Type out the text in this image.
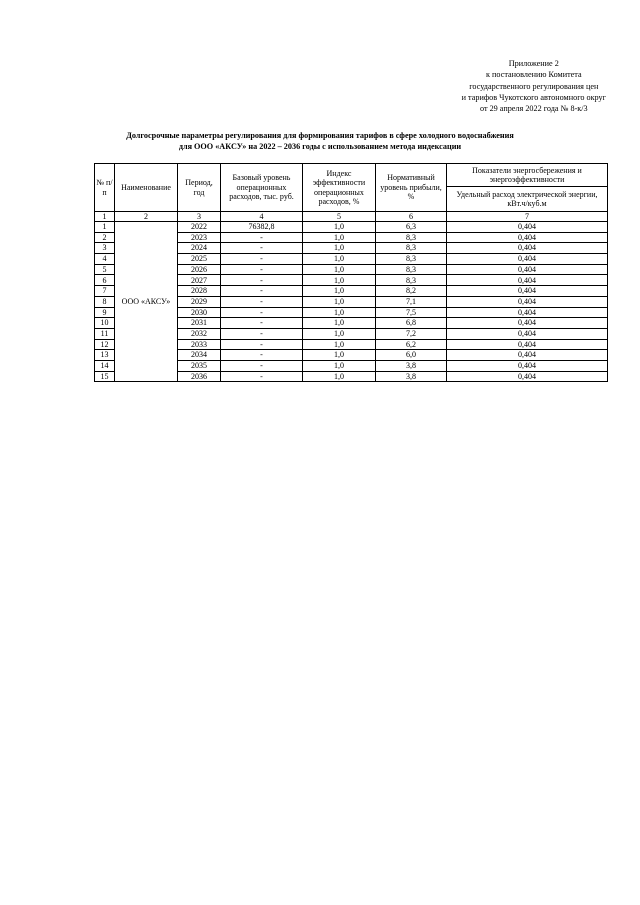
Приложение 2
к постановлению Комитета
государственного регулирования цен
и тарифов Чукотского автономного округ
от 29 апреля 2022 года № 8-к/3
Долгосрочные параметры регулирования для формирования тарифов в сфере холодного водоснабжения
для ООО «АКСУ» на 2022 – 2036 годы с использованием метода индексации
№ п/п	Наименование	Период, год	Базовый уровень операционных расходов, тыс. руб.	Индекс эффективности операционных расходов, %	Нормативный уровень прибыли, %	Показатели энергосбережения и энергоэффективности
						Удельный расход электрической энергии, кВт.ч/куб.м
1	2	3	4	5	6	7
1	ООО «АКСУ»	2022	76382,8	1,0	6,3	0,404
2		2023	-	1,0	8,3	0,404
3		2024	-	1,0	8,3	0,404
4		2025	-	1,0	8,3	0,404
5		2026	-	1,0	8,3	0,404
6		2027	-	1,0	8,3	0,404
7		2028	-	1,0	8,2	0,404
8		2029	-	1,0	7,1	0,404
9		2030	-	1,0	7,5	0,404
10		2031	-	1,0	6,8	0,404
11		2032	-	1,0	7,2	0,404
12		2033	-	1,0	6,2	0,404
13		2034	-	1,0	6,0	0,404
14		2035	-	1,0	3,8	0,404
15		2036	-	1,0	3,8	0,404
